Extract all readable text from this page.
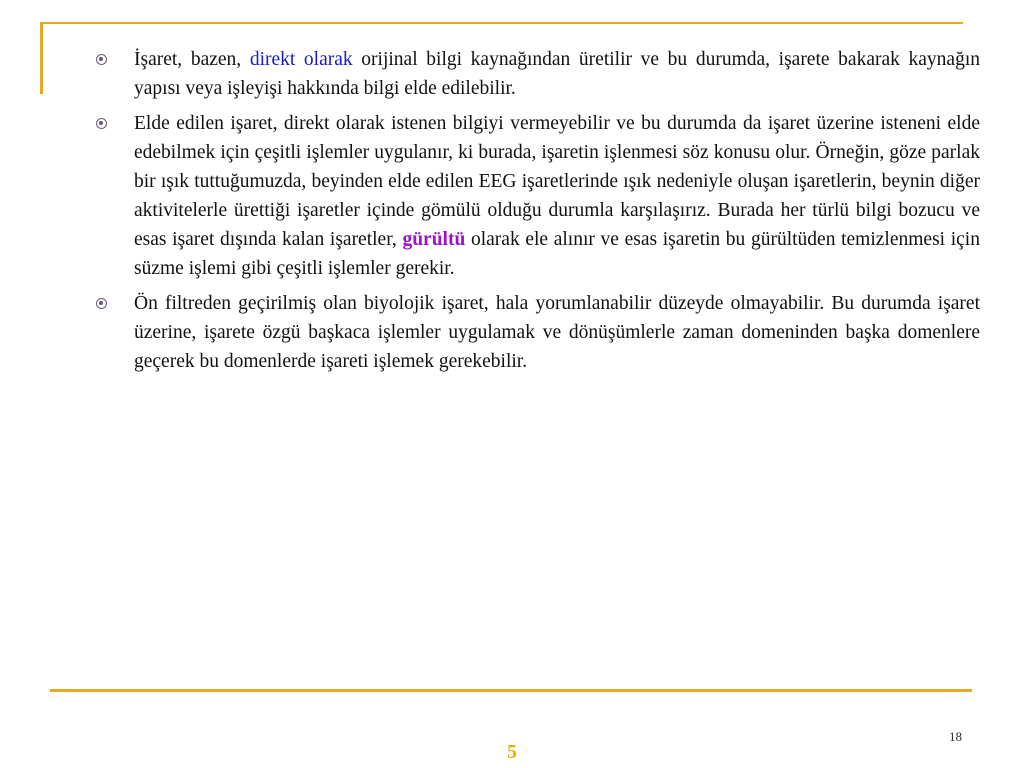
İşaret, bazen, direkt olarak orijinal bilgi kaynağından üretilir ve bu durumda, işarete bakarak kaynağın yapısı veya işleyişi hakkında bilgi elde edilebilir.
Elde edilen işaret, direkt olarak istenen bilgiyi vermeyebilir ve bu durumda da işaret üzerine isteneni elde edebilmek için çeşitli işlemler uygulanır, ki burada, işaretin işlenmesi söz konusu olur. Örneğin, göze parlak bir ışık tuttuğumuzda, beyinden elde edilen EEG işaretlerinde ışık nedeniyle oluşan işaretlerin, beynin diğer aktivitelerle ürettiği işaretler içinde gömülü olduğu durumla karşılaşırız. Burada her türlü bilgi bozucu ve esas işaret dışında kalan işaretler, gürültü olarak ele alınır ve esas işaretin bu gürültüden temizlenmesi için süzme işlemi gibi çeşitli işlemler gerekir.
Ön filtreden geçirilmiş olan biyolojik işaret, hala yorumlanabilir düzeyde olmayabilir. Bu durumda işaret üzerine, işarete özgü başkaca işlemler uygulamak ve dönüşümlerle zaman domeninden başka domenlere geçerek bu domenlerde işareti işlemek gerekebilir.
18
5
